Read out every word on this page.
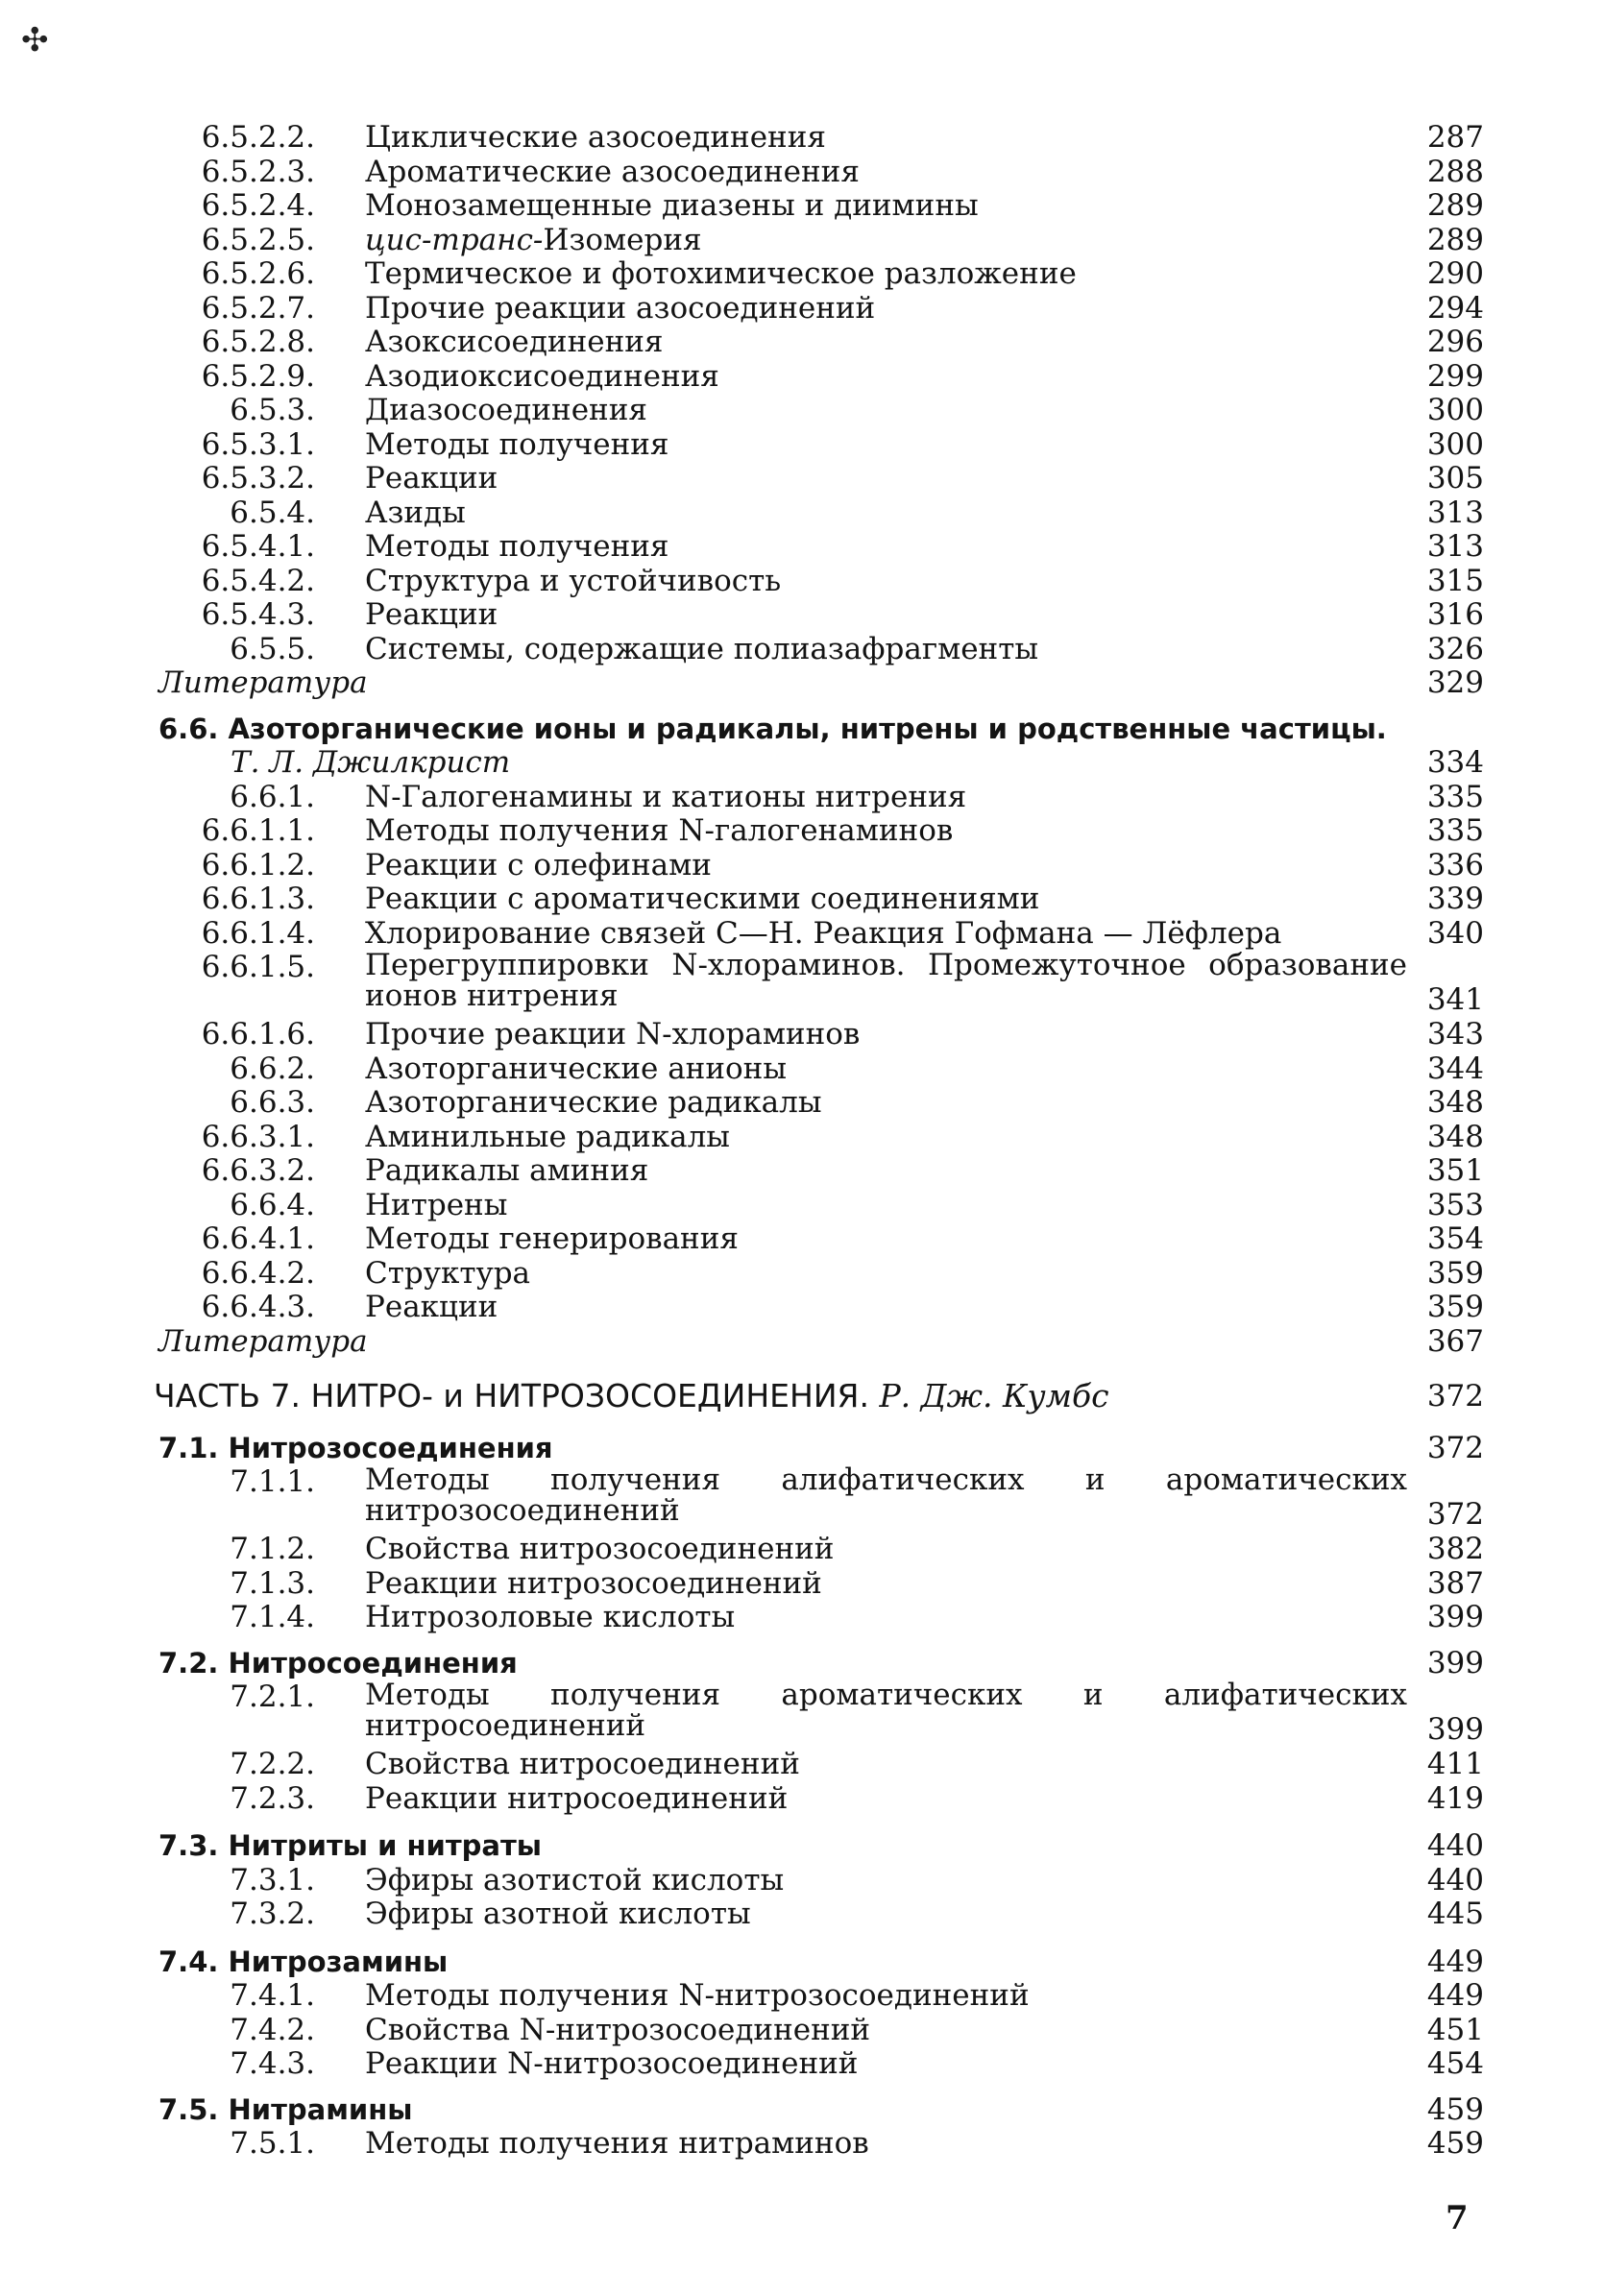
✣
6.5.2.2. Циклические азосоединения	287
6.5.2.3. Ароматические азосоединения	288
6.5.2.4. Монозамещенные диазены и диимины	289
6.5.2.5. цис-транс-Изомерия	289
6.5.2.6. Термическое и фотохимическое разложение	290
6.5.2.7. Прочие реакции азосоединений	294
6.5.2.8. Азоксисоединения	296
6.5.2.9. Азодиоксисоединения	299
6.5.3. Диазосоединения	300
6.5.3.1. Методы получения	300
6.5.3.2. Реакции	305
6.5.4. Азиды	313
6.5.4.1. Методы получения	313
6.5.4.2. Структура и устойчивость	315
6.5.4.3. Реакции	316
6.5.5. Системы, содержащие полиазафрагменты	326
Литература	329
6.6. Азоторганические ионы и радикалы, нитрены и родственные частицы.
Т. Л. Джилкрист	334
6.6.1. N-Галогенамины и катионы нитрения	335
6.6.1.1. Методы получения N-галогенаминов	335
6.6.1.2. Реакции с олефинами	336
6.6.1.3. Реакции с ароматическими соединениями	339
6.6.1.4. Хлорирование связей C—H. Реакция Гофмана — Лёфлера	340
6.6.1.5. Перегруппировки N-хлораминов. Промежуточное образование ионов нитрения	341
6.6.1.6. Прочие реакции N-хлораминов	343
6.6.2. Азоторганические анионы	344
6.6.3. Азоторганические радикалы	348
6.6.3.1. Аминильные радикалы	348
6.6.3.2. Радикалы аминия	351
6.6.4. Нитрены	353
6.6.4.1. Методы генерирования	354
6.6.4.2. Структура	359
6.6.4.3. Реакции	359
Литература	367
ЧАСТЬ 7. НИТРО- и НИТРОЗОСОЕДИНЕНИЯ. Р. Дж. Кумбс	372
7.1. Нитрозосоединения	372
7.1.1. Методы получения алифатических и ароматических нитрозосоединений	372
7.1.2. Свойства нитрозосоединений	382
7.1.3. Реакции нитрозосоединений	387
7.1.4. Нитрозоловые кислоты	399
7.2. Нитросоединения	399
7.2.1. Методы получения ароматических и алифатических нитросоединений	399
7.2.2. Свойства нитросоединений	411
7.2.3. Реакции нитросоединений	419
7.3. Нитриты и нитраты	440
7.3.1. Эфиры азотистой кислоты	440
7.3.2. Эфиры азотной кислоты	445
7.4. Нитрозамины	449
7.4.1. Методы получения N-нитрозосоединений	449
7.4.2. Свойства N-нитрозосоединений	451
7.4.3. Реакции N-нитрозосоединений	454
7.5. Нитрамины	459
7.5.1. Методы получения нитраминов	459
7
